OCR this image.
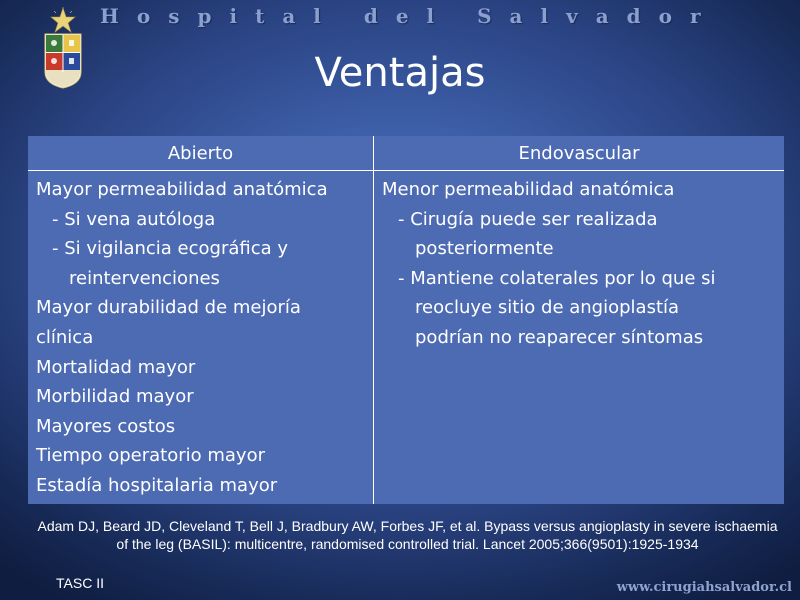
Hospital del Salvador
Ventajas
Abierto	Endovascular
Mayor permeabilidad anatómica
- Si vena autóloga
- Si vigilancia ecográfica y
reintervenciones
Mayor durabilidad de mejoría
clínica
Mortalidad mayor
Morbilidad mayor
Mayores costos
Tiempo operatorio mayor
Estadía hospitalaria mayor
Menor permeabilidad anatómica
- Cirugía puede ser realizada
posteriormente
- Mantiene colaterales por lo que si
reocluye sitio de angioplastía
podrían no reaparecer síntomas
Adam DJ, Beard JD, Cleveland T, Bell J, Bradbury AW, Forbes JF, et al. Bypass versus angioplasty in severe ischaemia of the leg (BASIL): multicentre, randomised controlled trial. Lancet 2005;366(9501):1925-1934
TASC II	www.cirugiahsalvador.cl
